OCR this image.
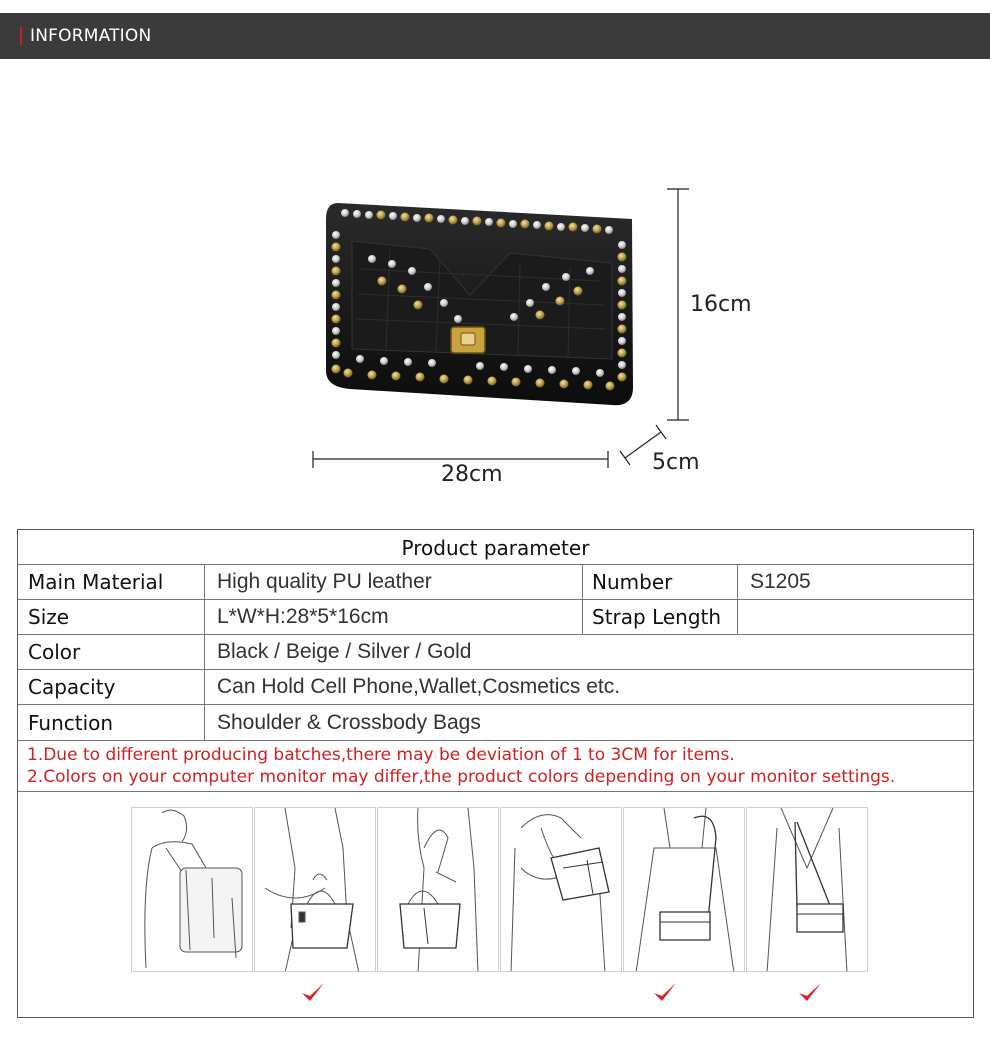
INFORMATION
16cm
28cm	5cm
Product parameter
Main Material	High quality PU leather	Number	S1205
Size	L*W*H:28*5*16cm	Strap Length
Color	Black / Beige / Silver / Gold
Capacity	Can Hold Cell Phone,Wallet,Cosmetics etc.
Function	Shoulder & Crossbody Bags
1.Due to different producing batches,there may be deviation of 1 to 3CM for items.
2.Colors on your computer monitor may differ,the product colors depending on your monitor settings.
